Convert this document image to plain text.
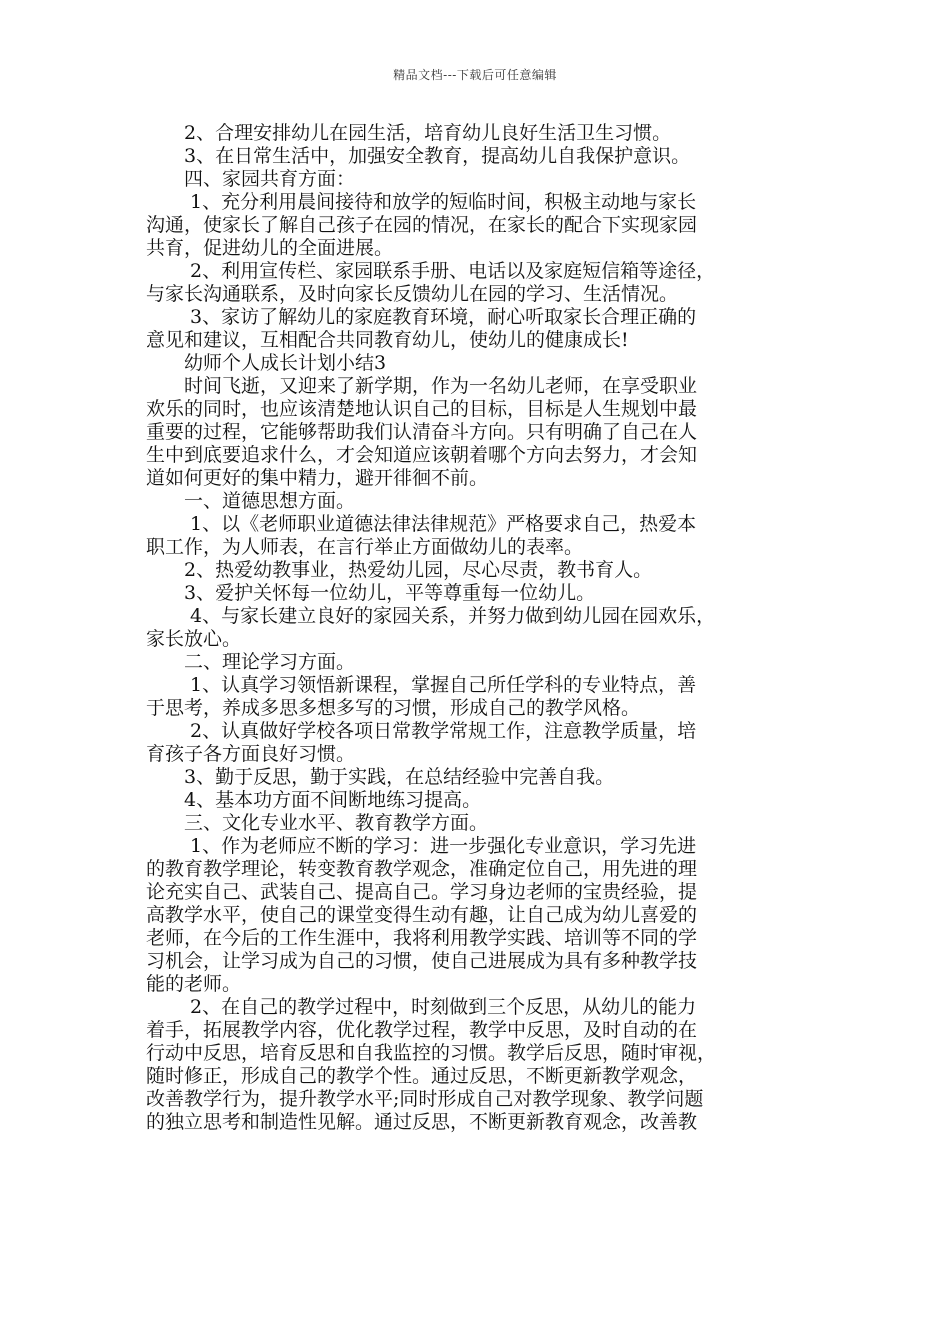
精品文档---下载后可任意编辑
　　2、合理安排幼儿在园生活，培育幼儿良好生活卫生习惯。
　　3、在日常生活中，加强安全教育，提高幼儿自我保护意识。
　　四、家园共育方面：
　　 1、充分利用晨间接待和放学的短临时间，积极主动地与家长
沟通，使家长了解自己孩子在园的情况，在家长的配合下实现家园
共育，促进幼儿的全面进展。
　　 2、利用宣传栏、家园联系手册、电话以及家庭短信箱等途径，
与家长沟通联系，及时向家长反馈幼儿在园的学习、生活情况。
　　 3、家访了解幼儿的家庭教育环境，耐心听取家长合理正确的
意见和建议，互相配合共同教育幼儿，使幼儿的健康成长!
　　幼师个人成长计划小结3
　　时间飞逝，又迎来了新学期，作为一名幼儿老师，在享受职业
欢乐的同时，也应该清楚地认识自己的目标，目标是人生规划中最
重要的过程，它能够帮助我们认清奋斗方向。只有明确了自己在人
生中到底要追求什么，才会知道应该朝着哪个方向去努力，才会知
道如何更好的集中精力，避开徘徊不前。
　　一、道德思想方面。
　　 1、以《老师职业道德法律法律规范》严格要求自己，热爱本
职工作，为人师表，在言行举止方面做幼儿的表率。
　　2、热爱幼教事业，热爱幼儿园，尽心尽责，教书育人。
　　3、爱护关怀每一位幼儿，平等尊重每一位幼儿。
　　 4、与家长建立良好的家园关系，并努力做到幼儿园在园欢乐，
家长放心。
　　二、理论学习方面。
　　 1、认真学习领悟新课程，掌握自己所任学科的专业特点，善
于思考，养成多思多想多写的习惯，形成自己的教学风格。
　　 2、认真做好学校各项日常教学常规工作，注意教学质量，培
育孩子各方面良好习惯。
　　3、勤于反思，勤于实践，在总结经验中完善自我。
　　4、基本功方面不间断地练习提高。
　　三、文化专业水平、教育教学方面。
　　 1、作为老师应不断的学习：进一步强化专业意识，学习先进
的教育教学理论，转变教育教学观念，准确定位自己，用先进的理
论充实自己、武装自己、提高自己。学习身边老师的宝贵经验，提
高教学水平，使自己的课堂变得生动有趣，让自己成为幼儿喜爱的
老师，在今后的工作生涯中，我将利用教学实践、培训等不同的学
习机会，让学习成为自己的习惯，使自己进展成为具有多种教学技
能的老师。
　　 2、在自己的教学过程中，时刻做到三个反思，从幼儿的能力
着手，拓展教学内容，优化教学过程，教学中反思，及时自动的在
行动中反思，培育反思和自我监控的习惯。教学后反思，随时审视，
随时修正，形成自己的教学个性。通过反思，不断更新教学观念，
改善教学行为，提升教学水平;同时形成自己对教学现象、教学问题
的独立思考和制造性见解。通过反思，不断更新教育观念，改善教
